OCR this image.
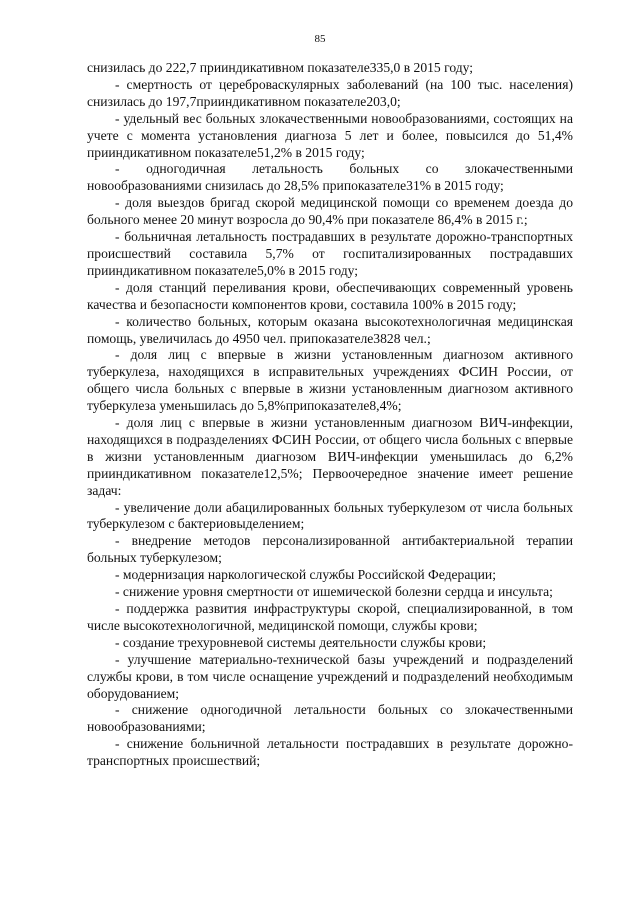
85

снизилась до 222,7 прииндикативном показателе335,0 в 2015 году;

- смертность от цереброваскулярных заболеваний (на 100 тыс. населения) снизилась до 197,7прииндикативном показателе203,0;

- удельный вес больных злокачественными новообразованиями, состоящих на учете с момента установления диагноза 5 лет и более, повысился до 51,4% прииндикативном показателе51,2% в 2015 году;

- одногодичная летальность больных со злокачественными новообразованиями снизилась до 28,5% припоказателе31% в 2015 году;

- доля выездов бригад скорой медицинской помощи со временем доезда до больного менее 20 минут возросла до 90,4% при показателе 86,4% в 2015 г.;

- больничная летальность пострадавших в результате дорожно-транспортных происшествий составила 5,7% от госпитализированных пострадавших прииндикативном показателе5,0% в 2015 году;

- доля станций переливания крови, обеспечивающих современный уровень качества и безопасности компонентов крови, составила 100% в 2015 году;

- количество больных, которым оказана высокотехнологичная медицинская помощь, увеличилась до 4950 чел. припоказателе3828 чел.;

- доля лиц с впервые в жизни установленным диагнозом активного туберкулеза, находящихся в исправительных учреждениях ФСИН России, от общего числа больных с впервые в жизни установленным диагнозом активного туберкулеза уменьшилась до 5,8%припоказателе8,4%;

- доля лиц с впервые в жизни установленным диагнозом ВИЧ-инфекции, находящихся в подразделениях ФСИН России, от общего числа больных с впервые в жизни установленным диагнозом ВИЧ-инфекции уменьшилась до 6,2% прииндикативном показателе12,5%; Первоочередное значение имеет решение задач:

- увеличение доли абацилированных больных туберкулезом от числа больных туберкулезом с бактериовыделением;

- внедрение методов персонализированной антибактериальной терапии больных туберкулезом;

- модернизация наркологической службы Российской Федерации;

- снижение уровня смертности от ишемической болезни сердца и инсульта;

- поддержка развития инфраструктуры скорой, специализированной, в том числе высокотехнологичной, медицинской помощи, службы крови;

- создание трехуровневой системы деятельности службы крови;

- улучшение материально-технической базы учреждений и подразделений службы крови, в том числе оснащение учреждений и подразделений необходимым оборудованием;

- снижение одногодичной летальности больных со злокачественными новообразованиями;

- снижение больничной летальности пострадавших в результате дорожно-транспортных происшествий;
